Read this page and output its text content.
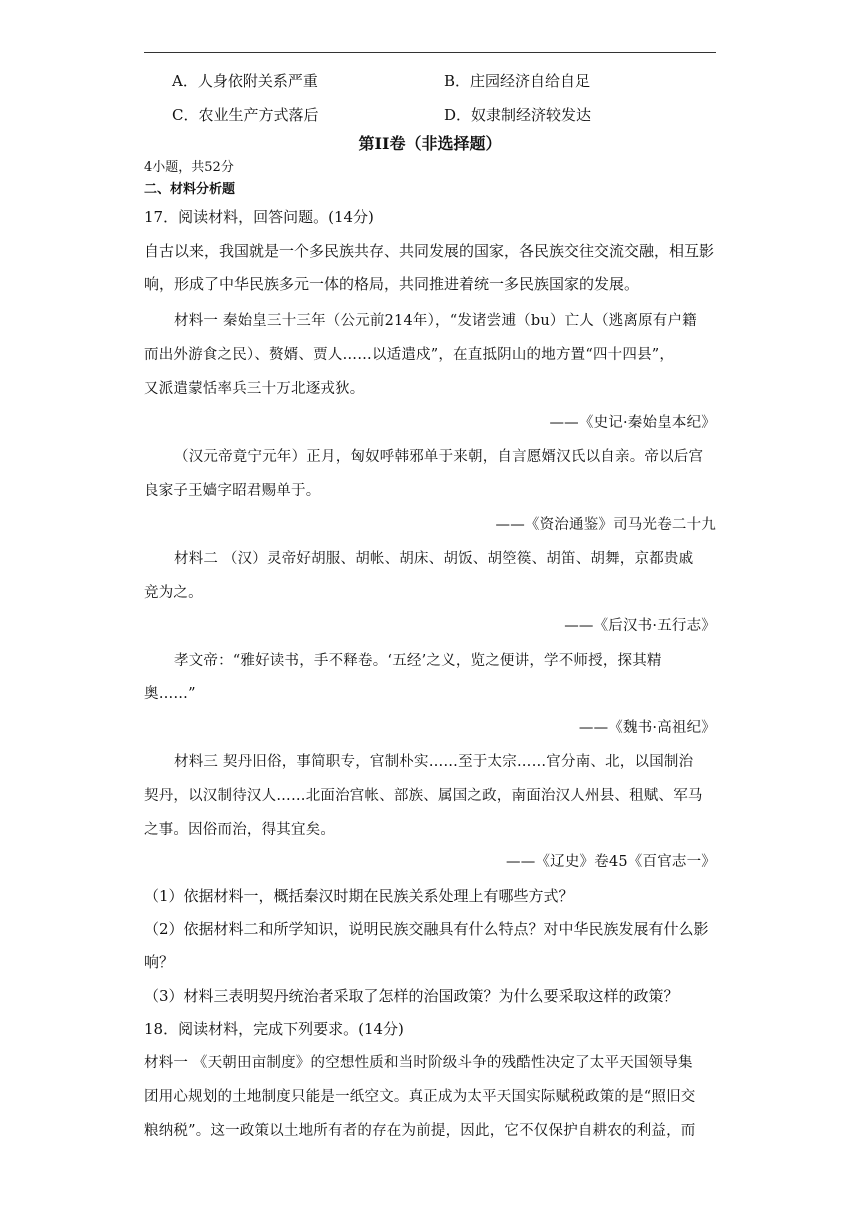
A．人身依附关系严重	B．庄园经济自给自足
C．农业生产方式落后	D．奴隶制经济较发达
第II卷（非选择题）
4小题，共52分
二、材料分析题
17．阅读材料，回答问题。(14分)
自古以来，我国就是一个多民族共存、共同发展的国家，各民族交往交流交融，相互影
响，形成了中华民族多元一体的格局，共同推进着统一多民族国家的发展。
材料一 秦始皇三十三年（公元前214年），“发诸尝逋（bu）亡人（逃离原有户籍
而出外游食之民）、赘婿、贾人……以适遣戍”，在直抵阴山的地方置“四十四县”，
又派遣蒙恬率兵三十万北逐戎狄。
——《史记·秦始皇本纪》
（汉元帝竟宁元年）正月，匈奴呼韩邪单于来朝，自言愿婿汉氏以自亲。帝以后宫
良家子王嫱字昭君赐单于。
——《资治通鉴》司马光卷二十九
材料二 （汉）灵帝好胡服、胡帐、胡床、胡饭、胡箜篌、胡笛、胡舞，京都贵戚
竞为之。
——《后汉书·五行志》
孝文帝：“雅好读书，手不释卷。‘五经’之义，览之便讲，学不师授，探其精
奥……”
——《魏书·高祖纪》
材料三 契丹旧俗，事简职专，官制朴实……至于太宗……官分南、北，以国制治
契丹，以汉制待汉人……北面治宫帐、部族、属国之政，南面治汉人州县、租赋、军马
之事。因俗而治，得其宜矣。
——《辽史》卷45《百官志一》
（1）依据材料一，概括秦汉时期在民族关系处理上有哪些方式？
（2）依据材料二和所学知识，说明民族交融具有什么特点？对中华民族发展有什么影
响？
（3）材料三表明契丹统治者采取了怎样的治国政策？为什么要采取这样的政策？
18．阅读材料，完成下列要求。(14分)
材料一 《天朝田亩制度》的空想性质和当时阶级斗争的残酷性决定了太平天国领导集
团用心规划的土地制度只能是一纸空文。真正成为太平天国实际赋税政策的是“照旧交
粮纳税”。这一政策以土地所有者的存在为前提，因此，它不仅保护自耕农的利益，而
